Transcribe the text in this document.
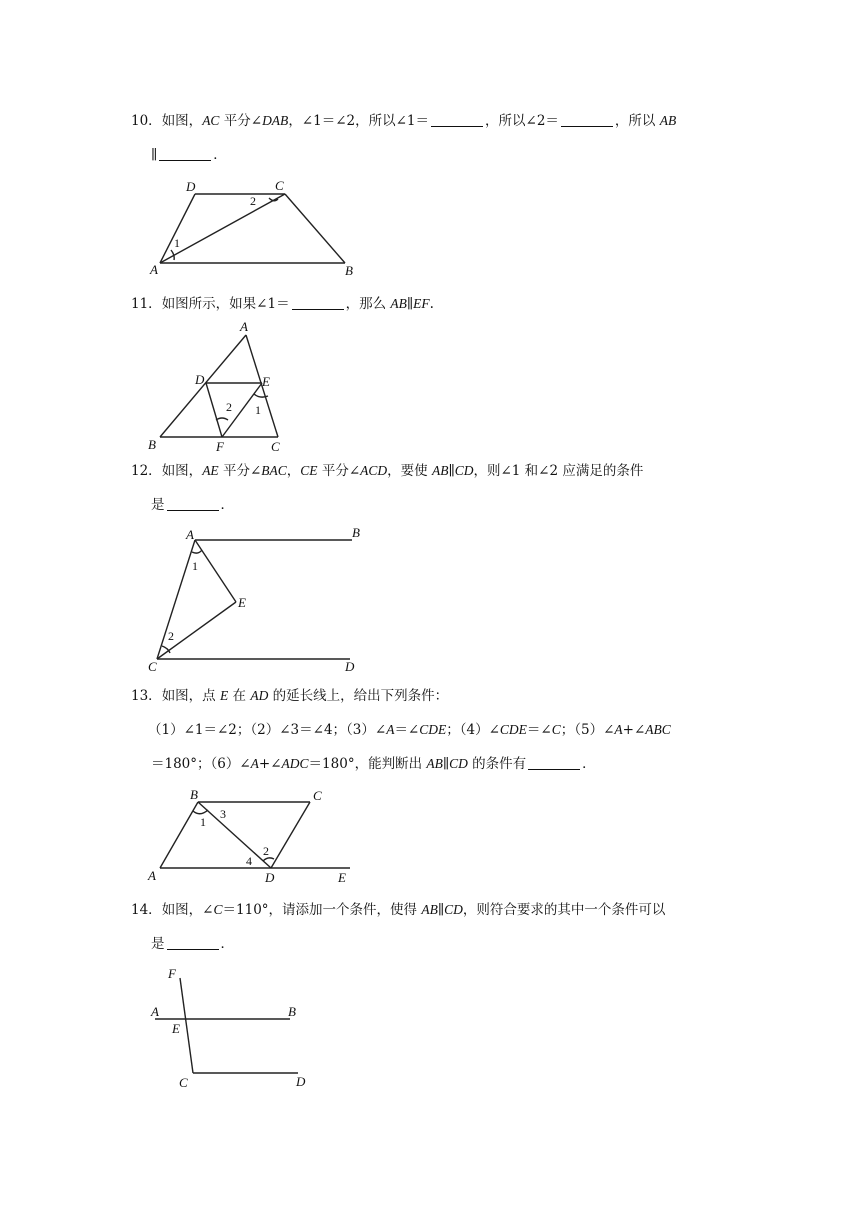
10．如图，AC 平分∠DAB，∠1＝∠2，所以∠1＝	，所以∠2＝	，所以 AB
∥	．
A	B
C
D
1
2
11．如图所示，如果∠1＝	，那么 AB∥EF.
A
B	C
D	E
F
1
2
12．如图，AE 平分∠BAC，CE 平分∠ACD，要使 AB∥CD，则∠1 和∠2 应满足的条件
是	．
A	B
C	D
E
1
2
13．如图，点 E 在 AD 的延长线上，给出下列条件：
（1）∠1＝∠2；（2）∠3＝∠4；（3）∠A＝∠CDE；（4）∠CDE＝∠C；（5）∠A+∠ABC
＝180°；（6）∠A+∠ADC＝180°，能判断出 AB∥CD 的条件有	．
B	C
A	D	E
1
2
3
4
14．如图，∠C＝110°，请添加一个条件，使得 AB∥CD，则符合要求的其中一个条件可以
是	．
F
A	B
E
C	D
